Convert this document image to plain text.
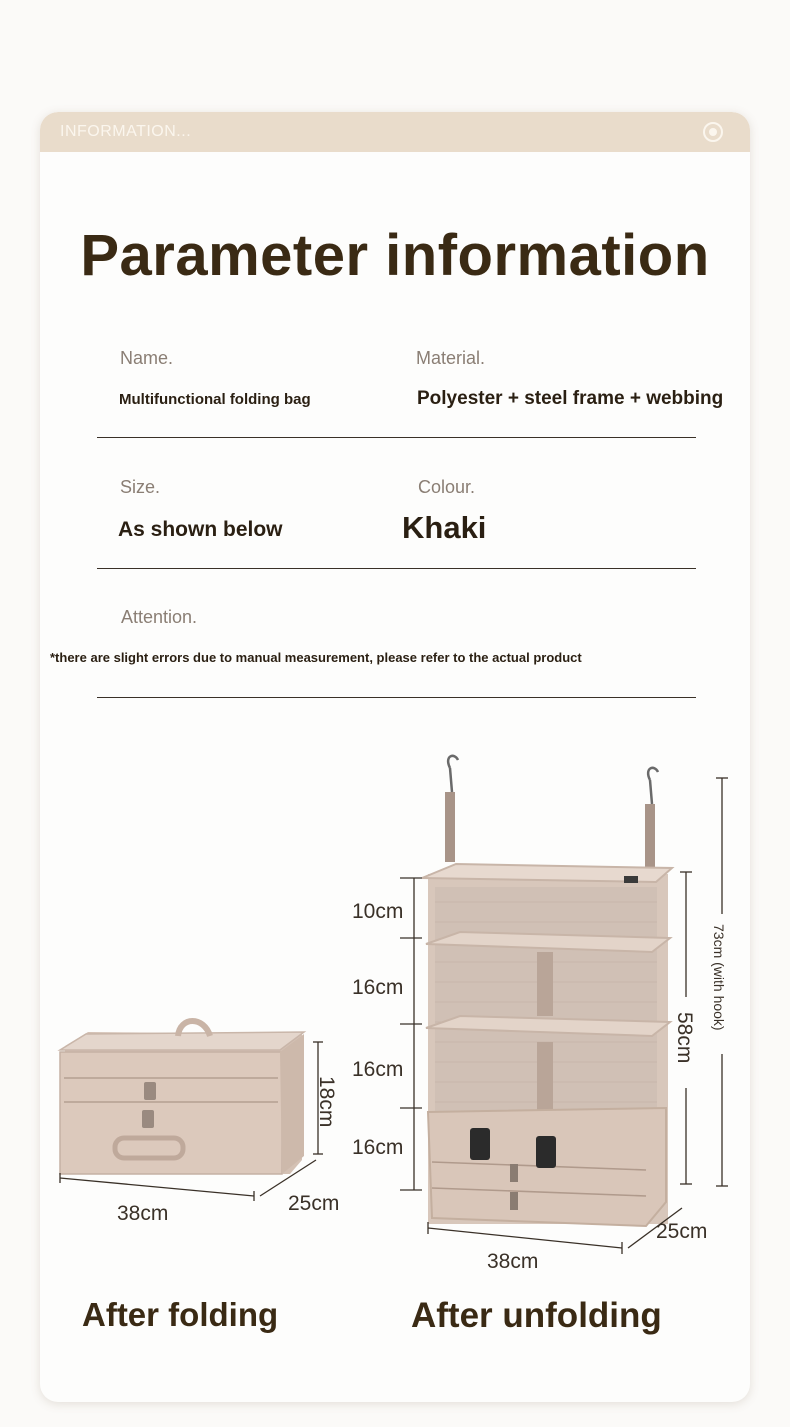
INFORMATION...
Parameter information
Name.
Multifunctional folding bag
Material.
Polyester + steel frame + webbing
Size.
As shown below
Colour.
Khaki
Attention.
*there are slight errors due to manual measurement, please refer to the actual product
38cm	25cm
18cm
10cm
16cm
16cm
16cm
58cm
73cm (with hook)
38cm
25cm
After folding	After unfolding
